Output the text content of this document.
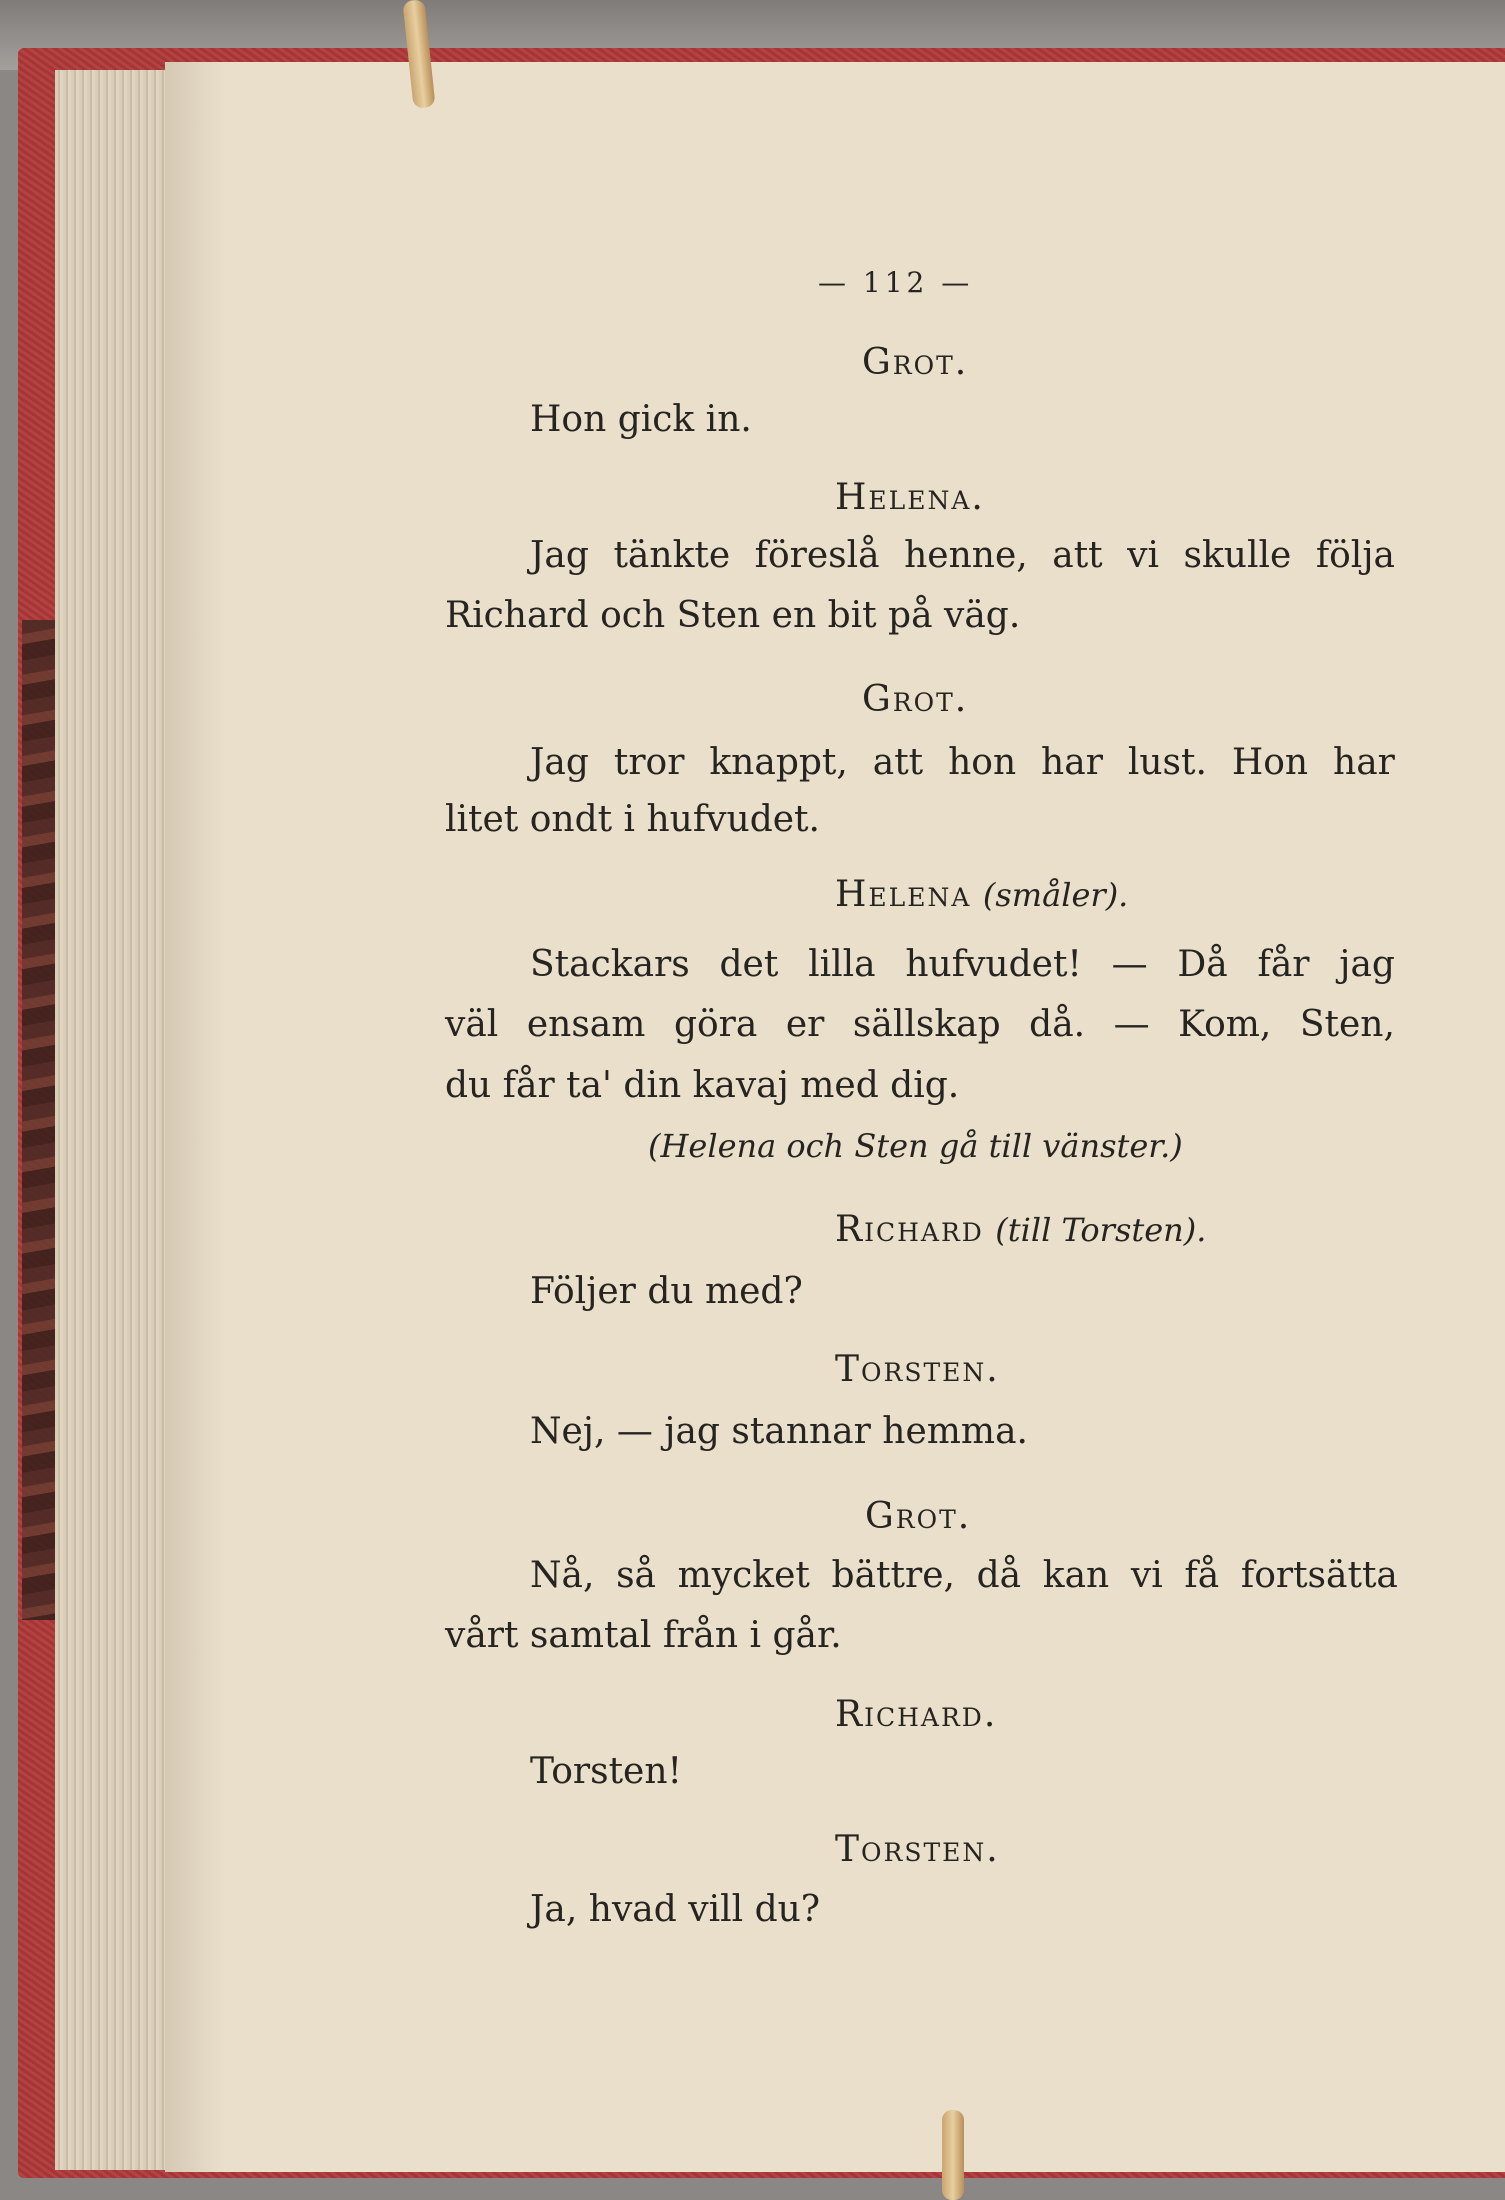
— 112 —
Grot.
Hon gick in.
Helena.
Jag tänkte föreslå henne, att vi skulle följa
Richard och Sten en bit på väg.
Grot.
Jag tror knappt, att hon har lust. Hon har
litet ondt i hufvudet.
Helena (småler).
Stackars det lilla hufvudet! — Då får jag
väl ensam göra er sällskap då. — Kom, Sten,
du får ta' din kavaj med dig.
(Helena och Sten gå till vänster.)
Richard (till Torsten).
Följer du med?
Torsten.
Nej, — jag stannar hemma.
Grot.
Nå, så mycket bättre, då kan vi få fortsätta
vårt samtal från i går.
Richard.
Torsten!
Torsten.
Ja, hvad vill du?
